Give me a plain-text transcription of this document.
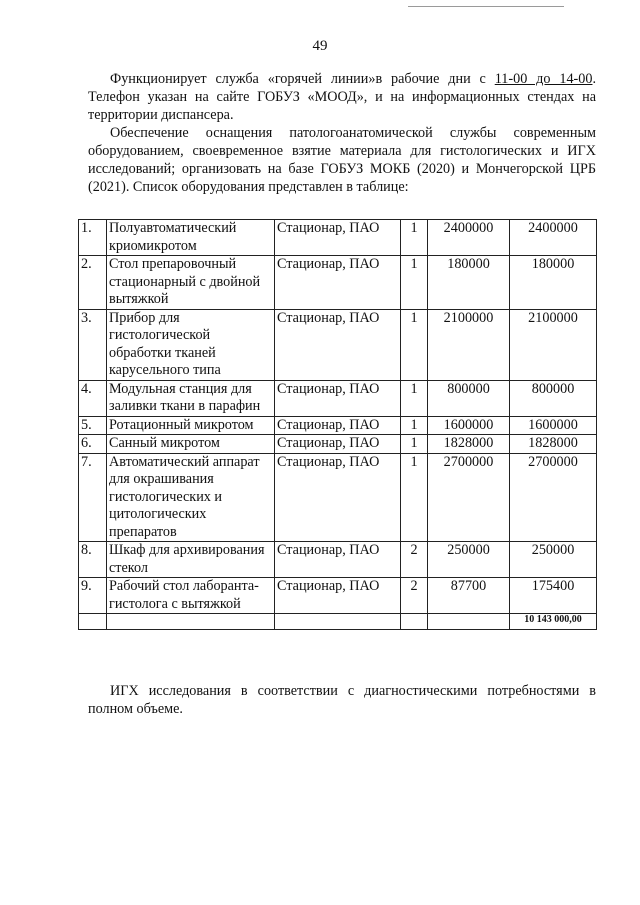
49
Функционирует служба «горячей линии»в рабочие дни с 11-00 до 14-00. Телефон указан на сайте ГОБУЗ «МООД», и на информационных стендах на территории диспансера.
Обеспечение оснащения патологоанатомической службы современным оборудованием, своевременное взятие материала для гистологических и ИГХ исследований; организовать на базе ГОБУЗ МОКБ (2020) и Мончегорской ЦРБ (2021). Список оборудования представлен в таблице:
1.	Полуавтоматический криомикротом	Стационар, ПАО	1	2400000	2400000
2.	Стол препаровочный стационарный с двойной вытяжкой	Стационар, ПАО	1	180000	180000
3.	Прибор для гистологической обработки тканей карусельного типа	Стационар, ПАО	1	2100000	2100000
4.	Модульная станция для заливки ткани в парафин	Стационар, ПАО	1	800000	800000
5.	Ротационный микротом	Стационар, ПАО	1	1600000	1600000
6.	Санный микротом	Стационар, ПАО	1	1828000	1828000
7.	Автоматический аппарат для окрашивания гистологических и цитологических препаратов	Стационар, ПАО	1	2700000	2700000
8.	Шкаф для архивирования стекол	Стационар, ПАО	2	250000	250000
9.	Рабочий стол лаборанта-гистолога с вытяжкой	Стационар, ПАО	2	87700	175400
					10 143 000,00
ИГХ исследования в соответствии с диагностическими потребностями в полном объеме.
